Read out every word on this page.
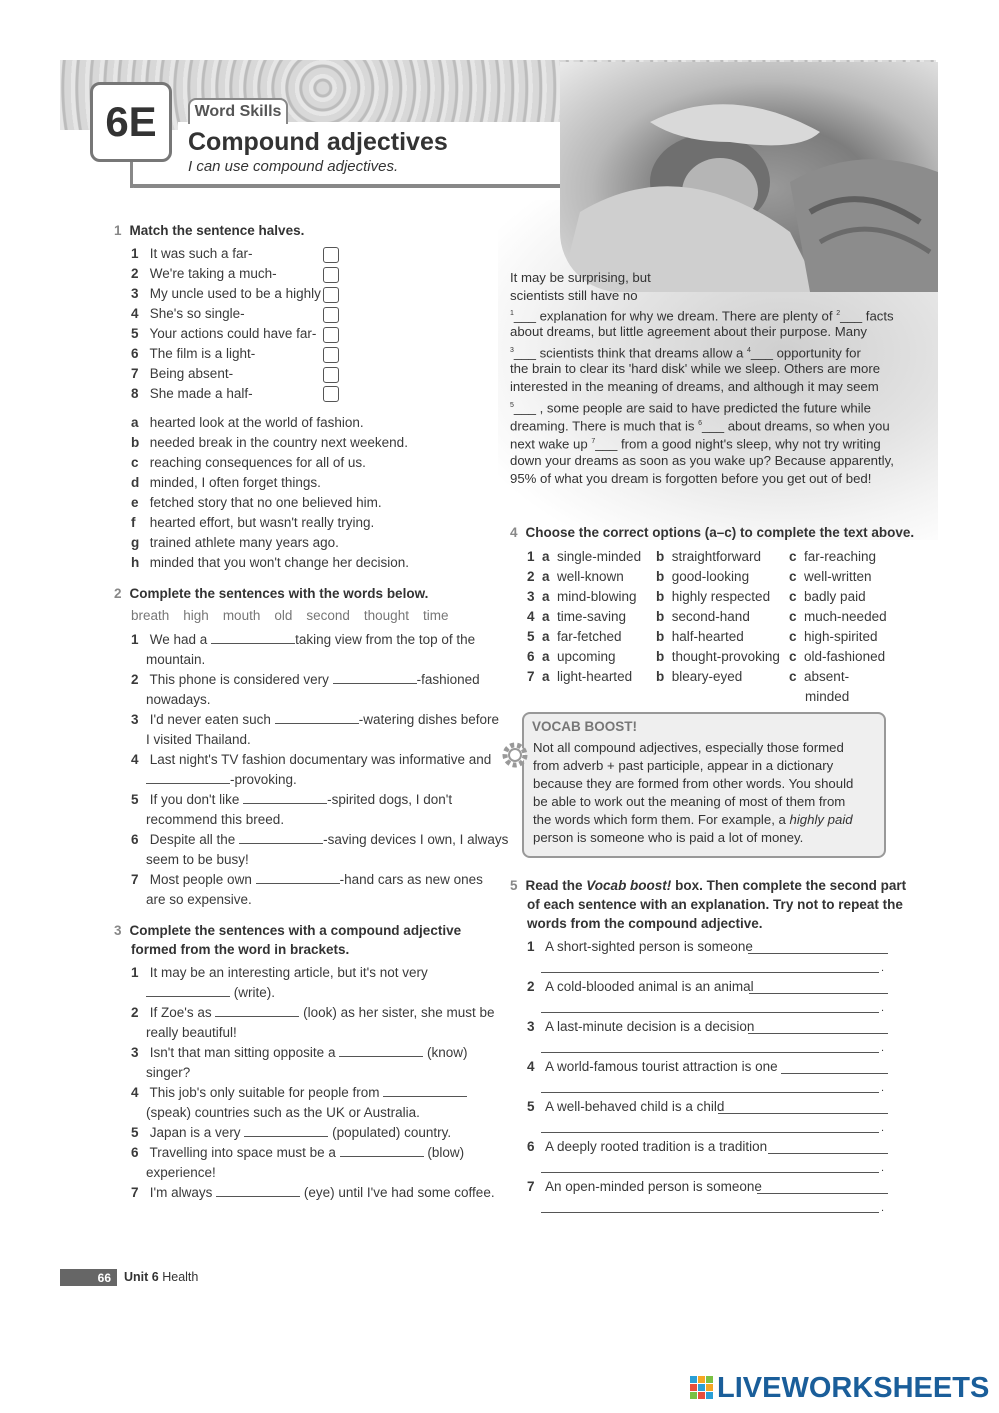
6E	Word Skills
Compound adjectives
I can use compound adjectives.
1 Match the sentence halves.
1 It was such a far-
2 We're taking a much-
3 My uncle used to be a highly
4 She's so single-
5 Your actions could have far-
6 The film is a light-
7 Being absent-
8 She made a half-
a hearted look at the world of fashion.
b needed break in the country next weekend.
c reaching consequences for all of us.
d minded, I often forget things.
e fetched story that no one believed him.
f hearted effort, but wasn't really trying.
g trained athlete many years ago.
h minded that you won't change her decision.
2 Complete the sentences with the words below.
breath high mouth old second thought time
1 We had a	taking view from the top of the
mountain.
2 This phone is considered very	-fashioned
nowadays.
3 I'd never eaten such	-watering dishes before
I visited Thailand.
4 Last night's TV fashion documentary was informative and
-provoking.
5 If you don't like	-spirited dogs, I don't
recommend this breed.
6 Despite all the	-saving devices I own, I always
seem to be busy!
7 Most people own	-hand cars as new ones
are so expensive.
3 Complete the sentences with a compound adjective
formed from the word in brackets.
1 It may be an interesting article, but it's not very
(write).
2 If Zoe's as	(look) as her sister, she must be
really beautiful!
3 Isn't that man sitting opposite a	(know)
singer?
4 This job's only suitable for people from
(speak) countries such as the UK or Australia.
5 Japan is a very	(populated) country.
6 Travelling into space must be a	(blow)
experience!
7 I'm always	(eye) until I've had some coffee.
It may be surprising, but
scientists still have no
$^1$___ explanation for why we dream. There are plenty of $^2$___ facts
about dreams, but little agreement about their purpose. Many
$^3$___ scientists think that dreams allow a $^4$___ opportunity for
the brain to clear its 'hard disk' while we sleep. Others are more
interested in the meaning of dreams, and although it may seem
$^5$___ , some people are said to have predicted the future while
dreaming. There is much that is $^6$___ about dreams, so when you
next wake up $^7$___ from a good night's sleep, why not try writing
down your dreams as soon as you wake up? Because apparently,
95% of what you dream is forgotten before you get out of bed!
4 Choose the correct options (a–c) to complete the text above.
1 a single-minded b straightforward c far-reaching
2 a well-known b good-looking	c well-written
3 a mind-blowing b highly respected c badly paid
4 a time-saving b second-hand	c much-needed
5 a far-fetched	b half-hearted	c high-spirited
6 a upcoming	b thought-provoking c old-fashioned
7 a light-hearted b bleary-eyed	c absent-
minded
VOCAB BOOST!
Not all compound adjectives, especially those formed
from adverb + past participle, appear in a dictionary
because they are formed from other words. You should
be able to work out the meaning of most of them from
the words which form them. For example, a highly paid
person is someone who is paid a lot of money.
5 Read the Vocab boost! box. Then complete the second part
of each sentence with an explanation. Try not to repeat the
words from the compound adjective.
1 A short-sighted person is someone
.
2 A cold-blooded animal is an animal
.
3 A last-minute decision is a decision
.
4 A world-famous tourist attraction is one
.
5 A well-behaved child is a child
.
6 A deeply rooted tradition is a tradition
.
7 An open-minded person is someone
.
66	Unit 6 Health
LIVEWORKSHEETS
